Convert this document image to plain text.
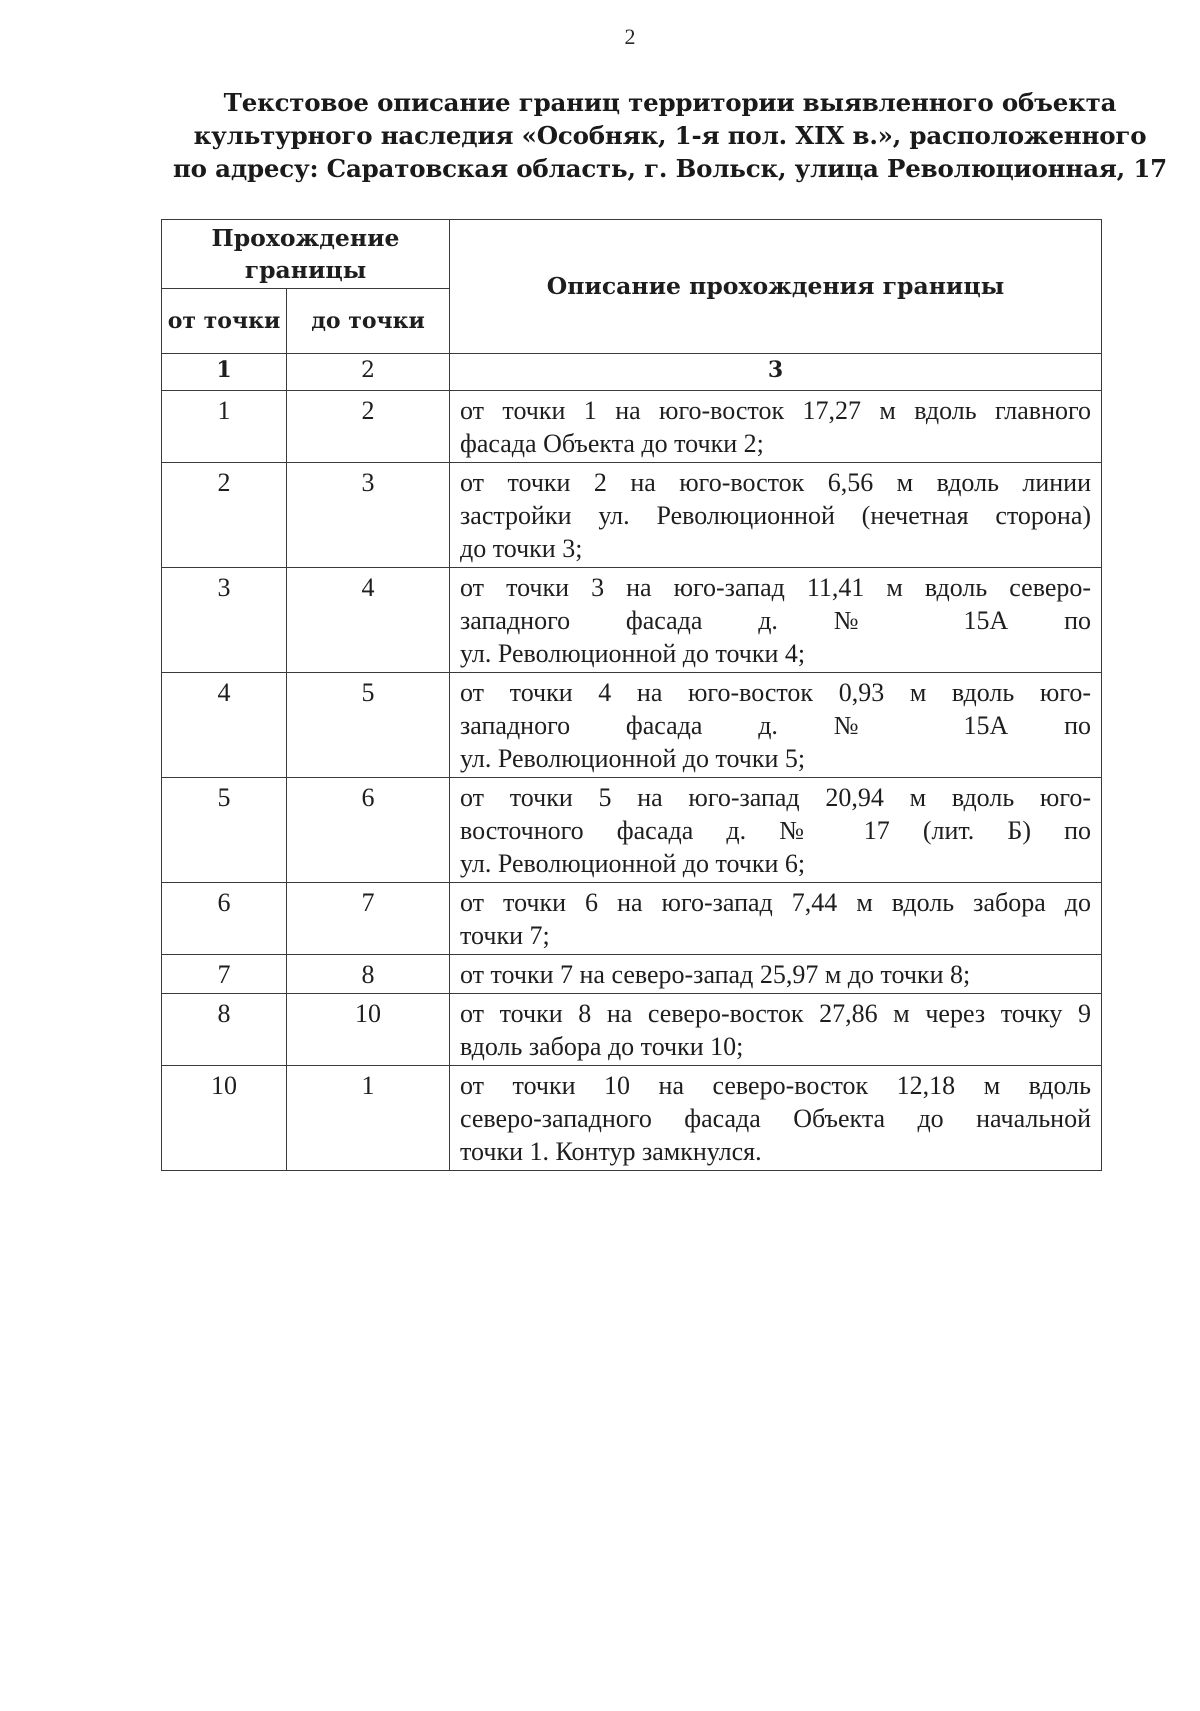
2
Текстовое описание границ территории выявленного объекта
культурного наследия «Особняк, 1-я пол. XIX в.», расположенного
по адресу: Саратовская область, г. Вольск, улица Революционная, 17
Прохождение границы		Описание прохождения границы
от точки	до точки	
1	2	3
1	2	от точки 1 на юго-восток 17,27 м вдоль главного
фасада Объекта до точки 2;

2	3	от точки 2 на юго-восток 6,56 м вдоль линии
застройки ул. Революционной (нечетная сторона)
до точки 3;

3	4	от точки 3 на юго-запад 11,41 м вдоль северо-
западного фасада д. № 15А по
ул. Революционной до точки 4;

4	5	от точки 4 на юго-восток 0,93 м вдоль юго-
западного фасада д. № 15А по
ул. Революционной до точки 5;

5	6	от точки 5 на юго-запад 20,94 м вдоль юго-
восточного фасада д. № 17 (лит. Б) по
ул. Революционной до точки 6;

6	7	от точки 6 на юго-запад 7,44 м вдоль забора до
точки 7;

7	8	от точки 7 на северо-запад 25,97 м до точки 8;

8	10	от точки 8 на северо-восток 27,86 м через точку 9
вдоль забора до точки 10;

10	1	от точки 10 на северо-восток 12,18 м вдоль
северо-западного фасада Объекта до начальной
точки 1. Контур замкнулся.
